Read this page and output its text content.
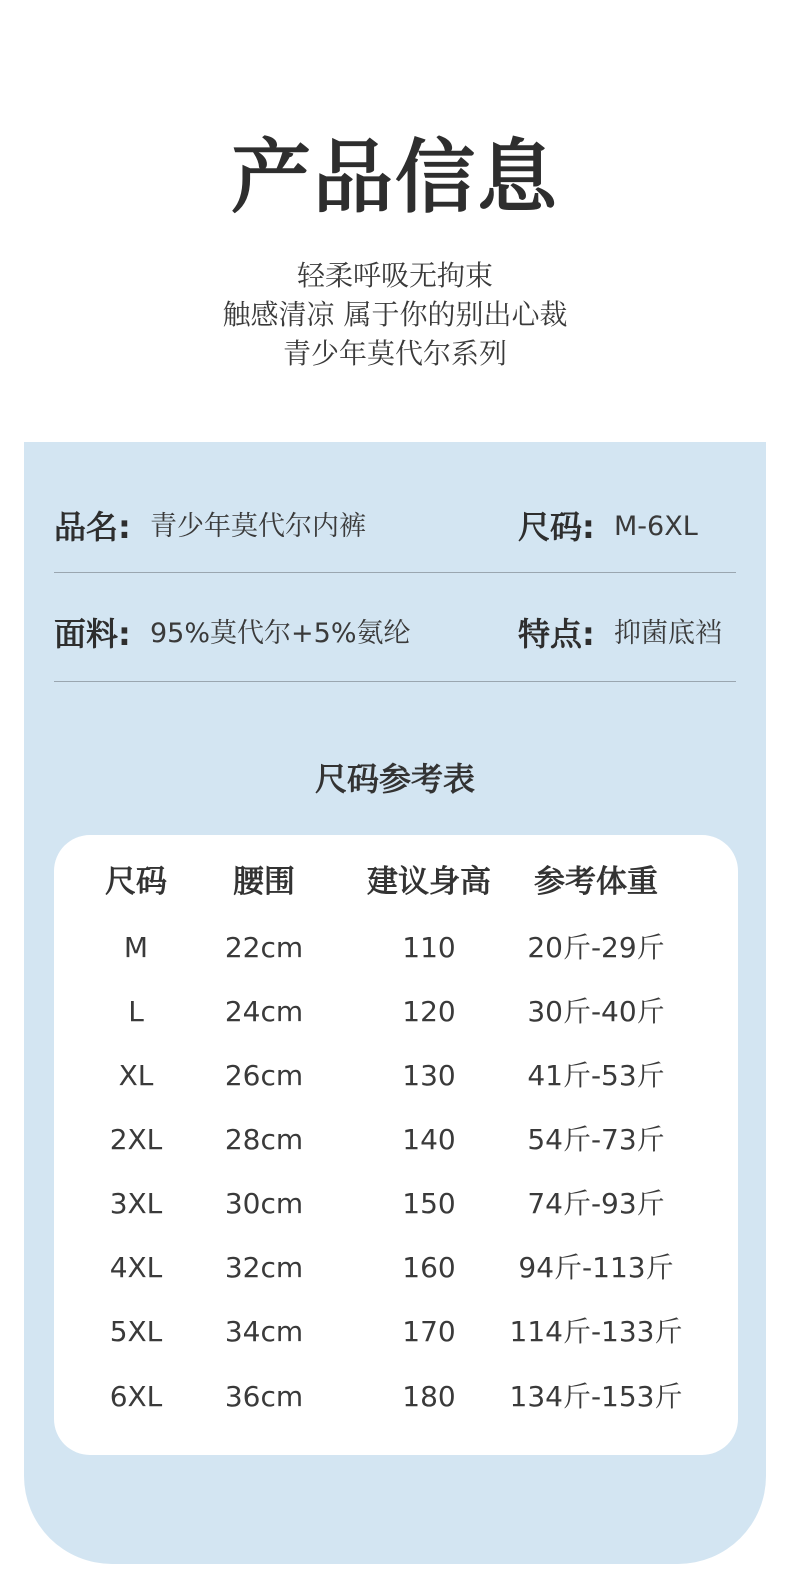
产品信息
轻柔呼吸无拘束
触感清凉 属于你的别出心裁
青少年莫代尔系列
品名: 青少年莫代尔内裤	尺码: M-6XL
面料: 95%莫代尔+5%氨纶	特点: 抑菌底裆
尺码参考表
尺码	腰围	建议身高	参考体重
M	22cm	110	20斤-29斤
L	24cm	120	30斤-40斤
XL	26cm	130	41斤-53斤
2XL	28cm	140	54斤-73斤
3XL	30cm	150	74斤-93斤
4XL	32cm	160	94斤-113斤
5XL	34cm	170	114斤-133斤
6XL	36cm	180	134斤-153斤
